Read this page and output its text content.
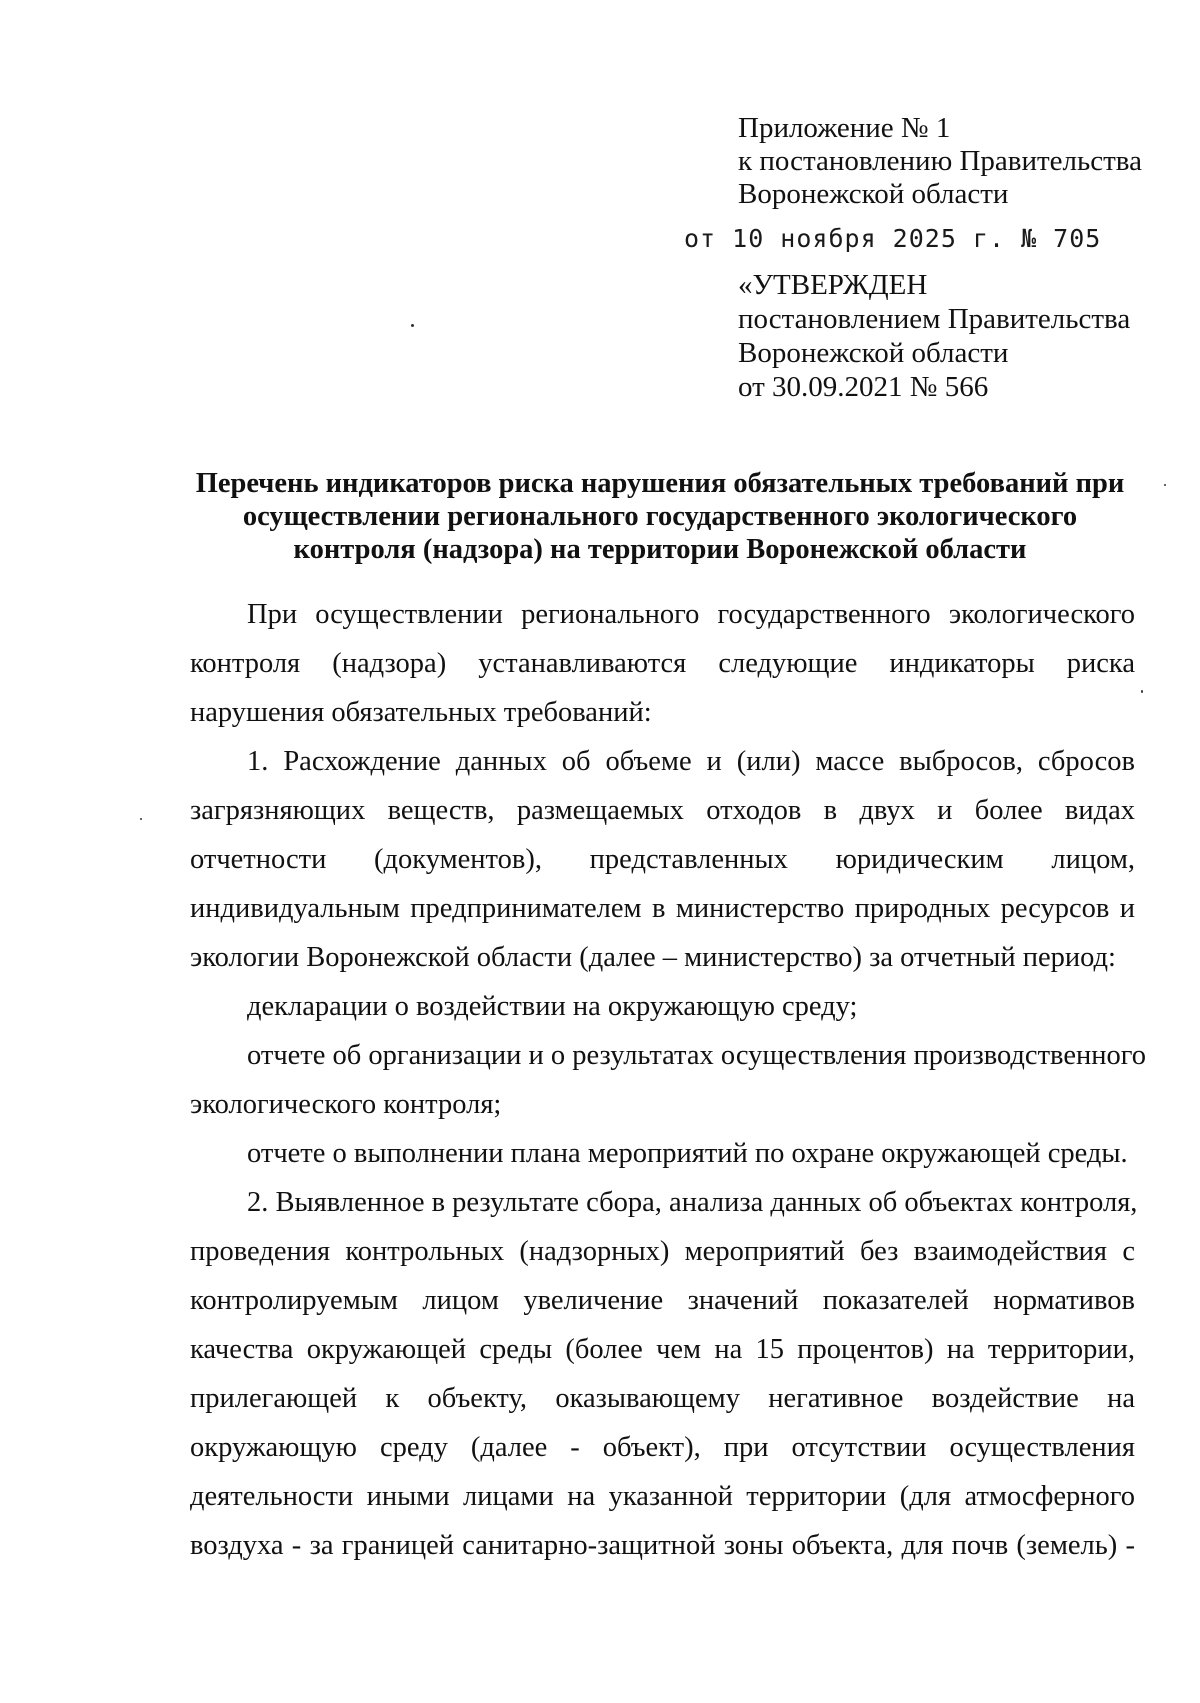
Приложение № 1
к постановлению Правительства
Воронежской области
от 10 ноября 2025 г. № 705
«УТВЕРЖДЕН
постановлением Правительства
Воронежской области
от 30.09.2021 № 566
Перечень индикаторов риска нарушения обязательных требований при
осуществлении регионального государственного экологического
контроля (надзора) на территории Воронежской области
При осуществлении регионального государственного экологического
контроля (надзора) устанавливаются следующие индикаторы риска
нарушения обязательных требований:
1. Расхождение данных об объеме и (или) массе выбросов, сбросов
загрязняющих веществ, размещаемых отходов в двух и более видах
отчетности (документов), представленных юридическим лицом,
индивидуальным предпринимателем в министерство природных ресурсов и
экологии Воронежской области (далее – министерство) за отчетный период:
декларации о воздействии на окружающую среду;
отчете об организации и о результатах осуществления производственного
экологического контроля;
отчете о выполнении плана мероприятий по охране окружающей среды.
2. Выявленное в результате сбора, анализа данных об объектах контроля,
проведения контрольных (надзорных) мероприятий без взаимодействия с
контролируемым лицом увеличение значений показателей нормативов
качества окружающей среды (более чем на 15 процентов) на территории,
прилегающей к объекту, оказывающему негативное воздействие на
окружающую среду (далее - объект), при отсутствии осуществления
деятельности иными лицами на указанной территории (для атмосферного
воздуха - за границей санитарно-защитной зоны объекта, для почв (земель) -
